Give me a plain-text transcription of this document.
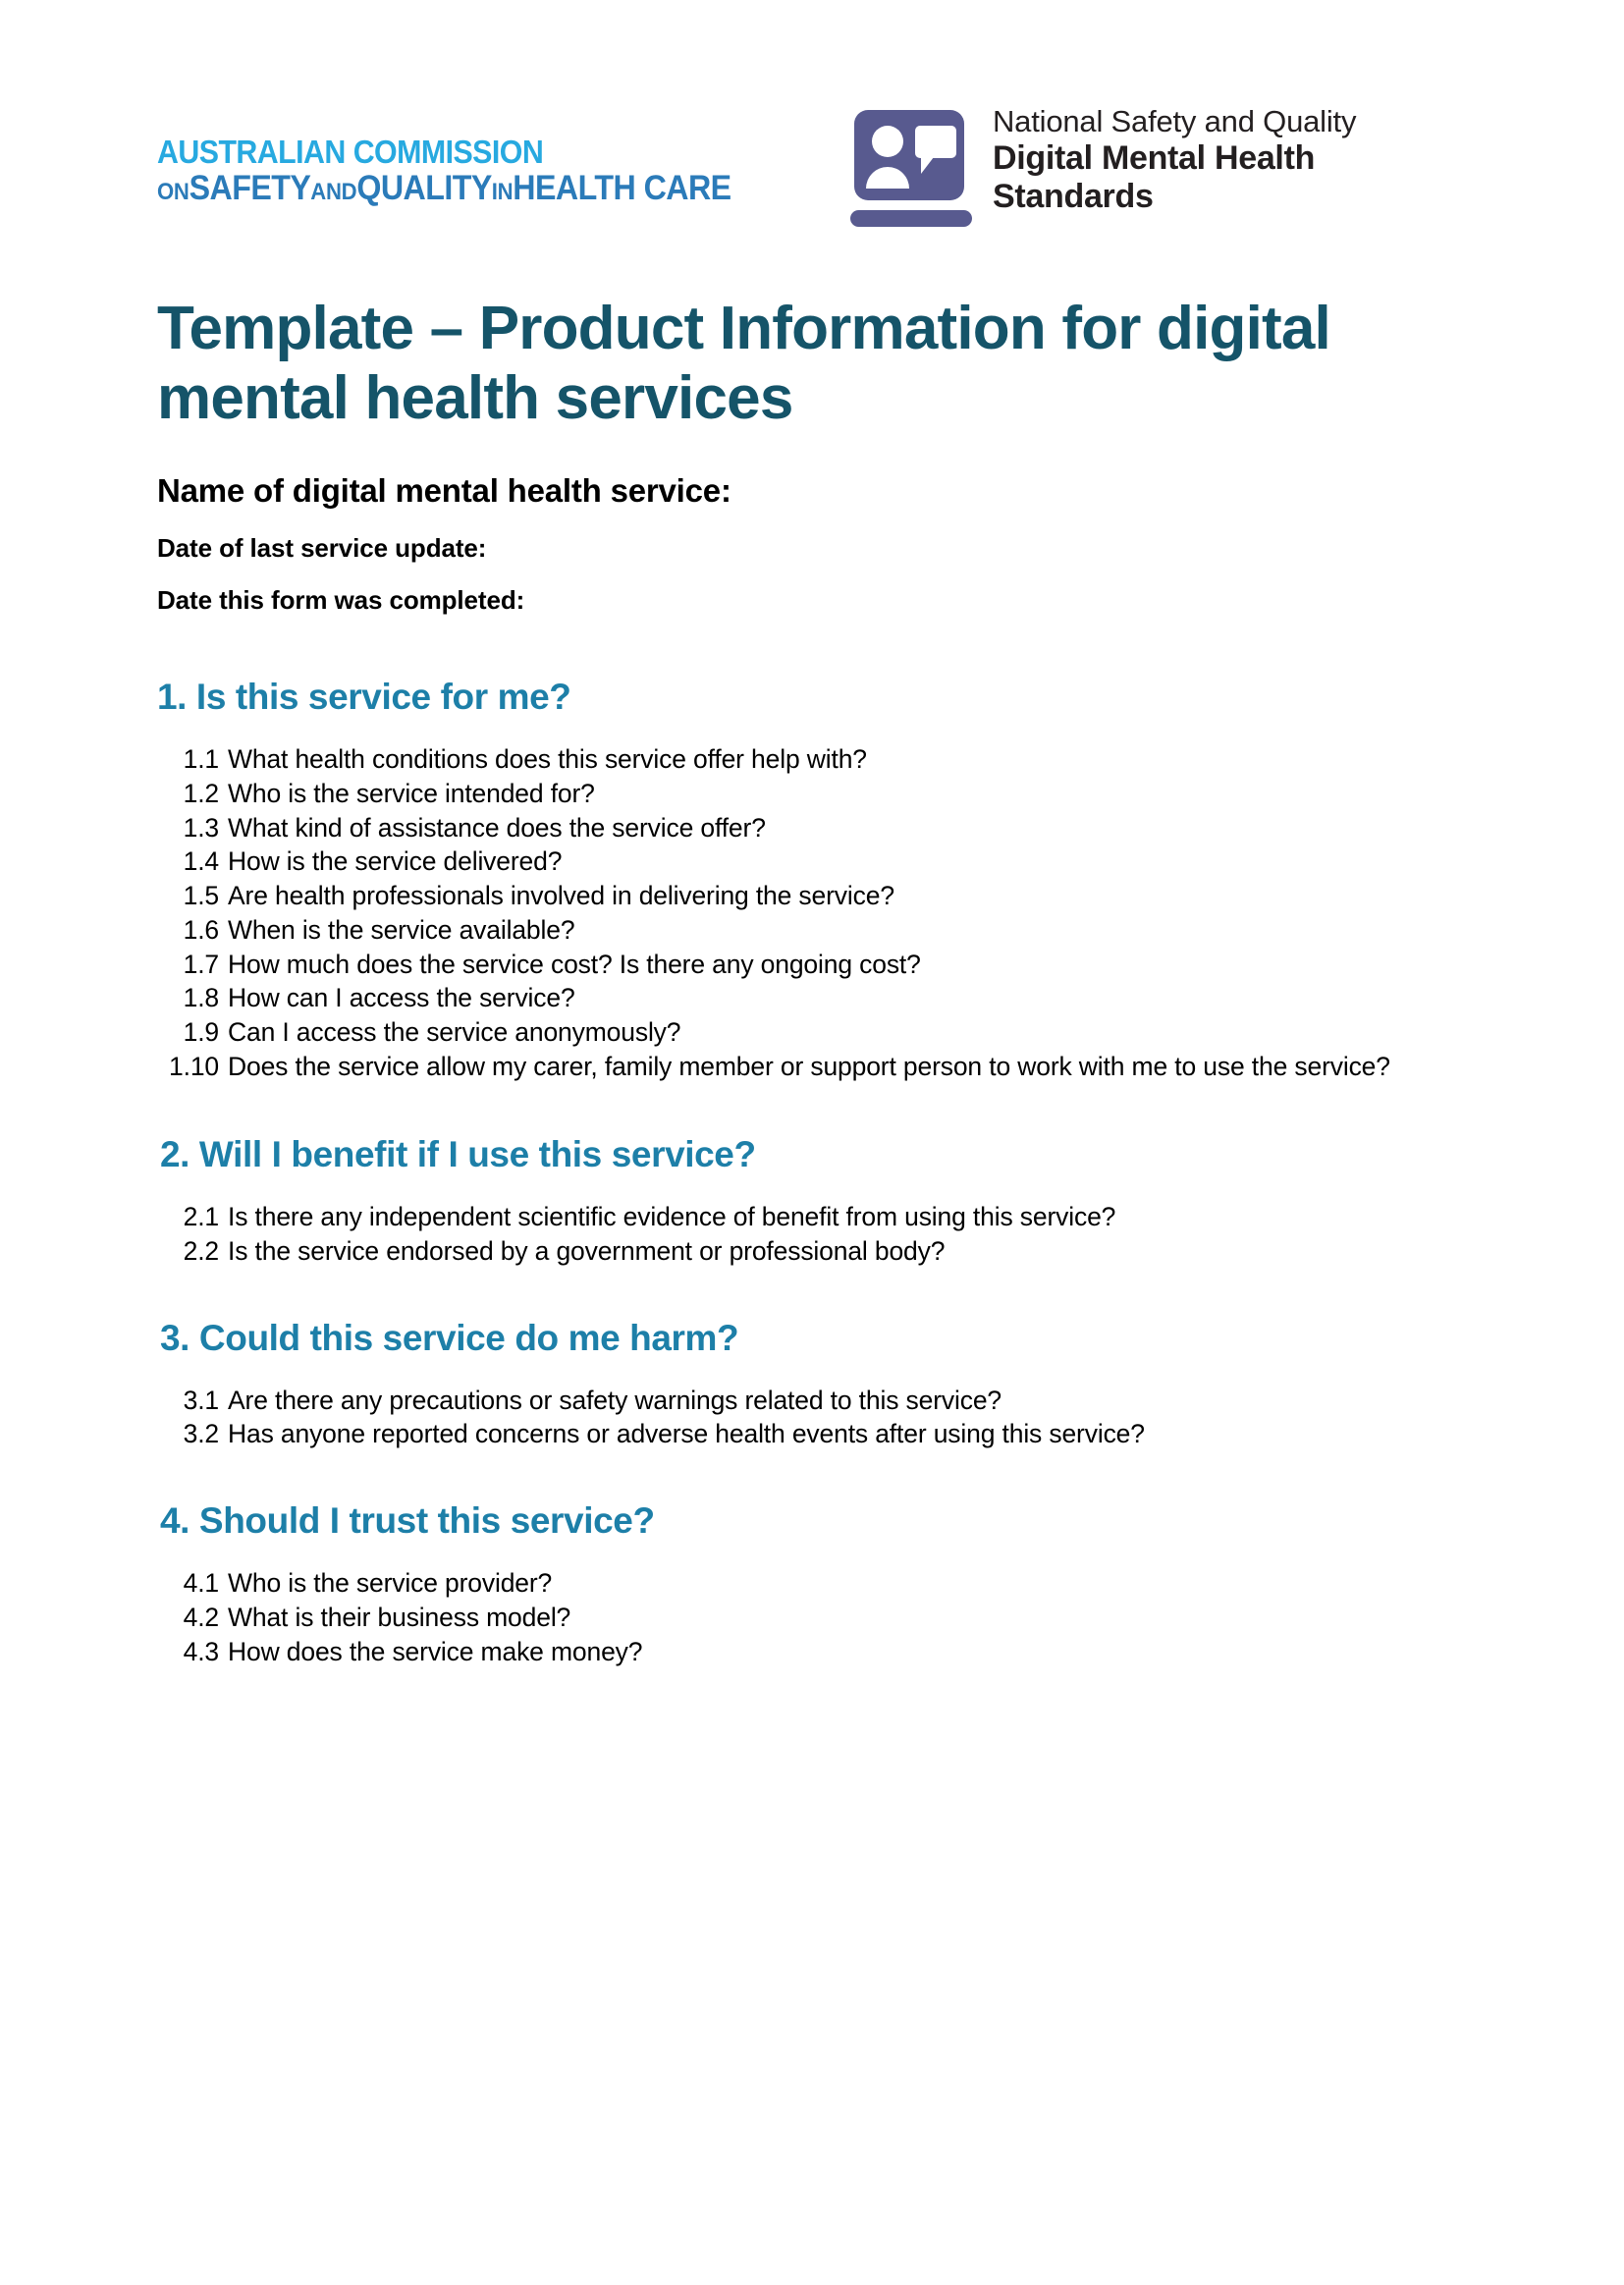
AUSTRALIAN COMMISSION
ONSAFETYANDQUALITYINHEALTH CARE
National Safety and Quality
Digital Mental Health
Standards
Template – Product Information for digital mental health services
Name of digital mental health service:
Date of last service update:
Date this form was completed:
1. Is this service for me?
1.1 What health conditions does this service offer help with?
1.2 Who is the service intended for?
1.3 What kind of assistance does the service offer?
1.4 How is the service delivered?
1.5 Are health professionals involved in delivering the service?
1.6 When is the service available?
1.7 How much does the service cost? Is there any ongoing cost?
1.8 How can I access the service?
1.9 Can I access the service anonymously?
1.10 Does the service allow my carer, family member or support person to work with me to use the service?
2. Will I benefit if I use this service?
2.1 Is there any independent scientific evidence of benefit from using this service?
2.2 Is the service endorsed by a government or professional body?
3. Could this service do me harm?
3.1 Are there any precautions or safety warnings related to this service?
3.2 Has anyone reported concerns or adverse health events after using this service?
4. Should I trust this service?
4.1 Who is the service provider?
4.2 What is their business model?
4.3 How does the service make money?
